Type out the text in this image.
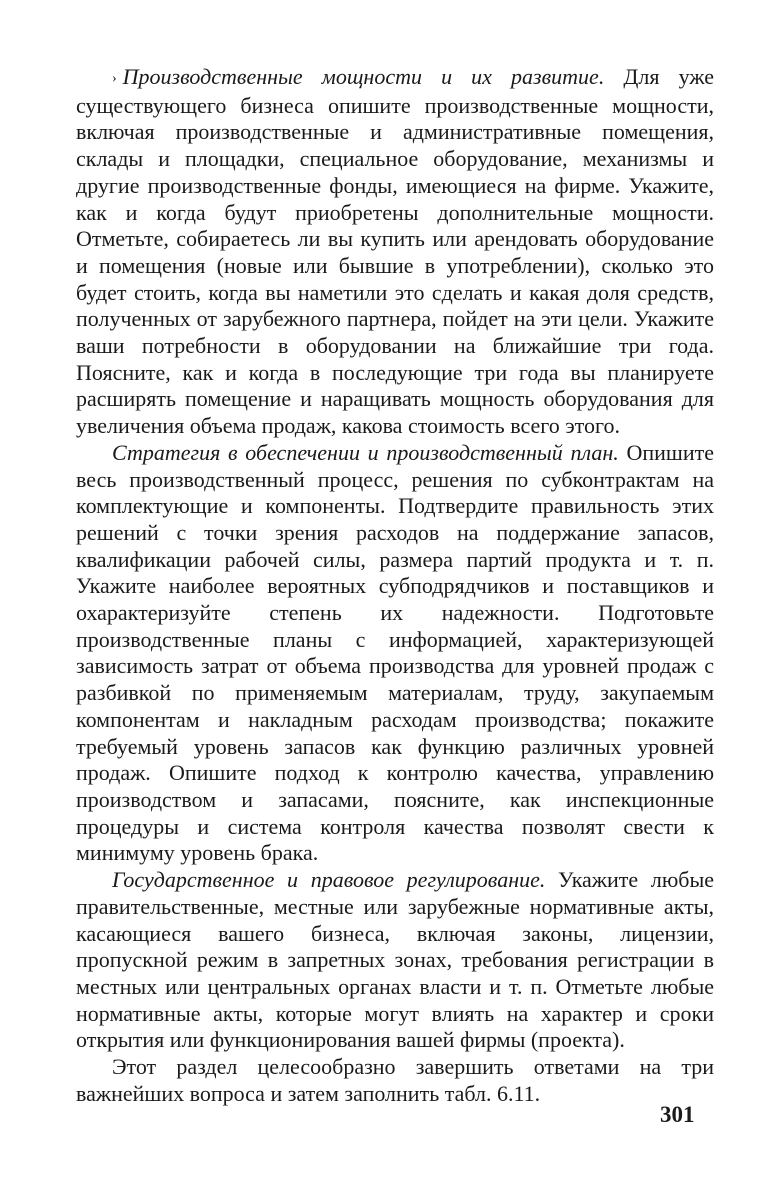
› Производственные мощности и их развитие. Для уже существующего бизнеса опишите производственные мощности, включая производственные и административные помещения, склады и площадки, специальное оборудование, механизмы и другие производственные фонды, имеющиеся на фирме. Укажите, как и когда будут приобретены дополнительные мощности. Отметьте, собираетесь ли вы купить или арендовать оборудование и помещения (новые или бывшие в употреблении), сколько это будет стоить, когда вы наметили это сделать и какая доля средств, полученных от зарубежного партнера, пойдет на эти цели. Укажите ваши потребности в оборудовании на ближайшие три года. Поясните, как и когда в последующие три года вы планируете расширять помещение и наращивать мощность оборудования для увеличения объема продаж, какова стоимость всего этого.

Стратегия в обеспечении и производственный план. Опишите весь производственный процесс, решения по субконтрактам на комплектующие и компоненты. Подтвердите правильность этих решений с точки зрения расходов на поддержание запасов, квалификации рабочей силы, размера партий продукта и т. п. Укажите наиболее вероятных субподрядчиков и поставщиков и охарактеризуйте степень их надежности. Подготовьте производственные планы с информацией, характеризующей зависимость затрат от объема производства для уровней продаж с разбивкой по применяемым материалам, труду, закупаемым компонентам и накладным расходам производства; покажите требуемый уровень запасов как функцию различных уровней продаж. Опишите подход к контролю качества, управлению производством и запасами, поясните, как инспекционные процедуры и система контроля качества позволят свести к минимуму уровень брака.

Государственное и правовое регулирование. Укажите любые правительственные, местные или зарубежные нормативные акты, касающиеся вашего бизнеса, включая законы, лицензии, пропускной режим в запретных зонах, требования регистрации в местных или центральных органах власти и т. п. Отметьте любые нормативные акты, которые могут влиять на характер и сроки открытия или функционирования вашей фирмы (проекта).

Этот раздел целесообразно завершить ответами на три важнейших вопроса и затем заполнить табл. 6.11.

301
